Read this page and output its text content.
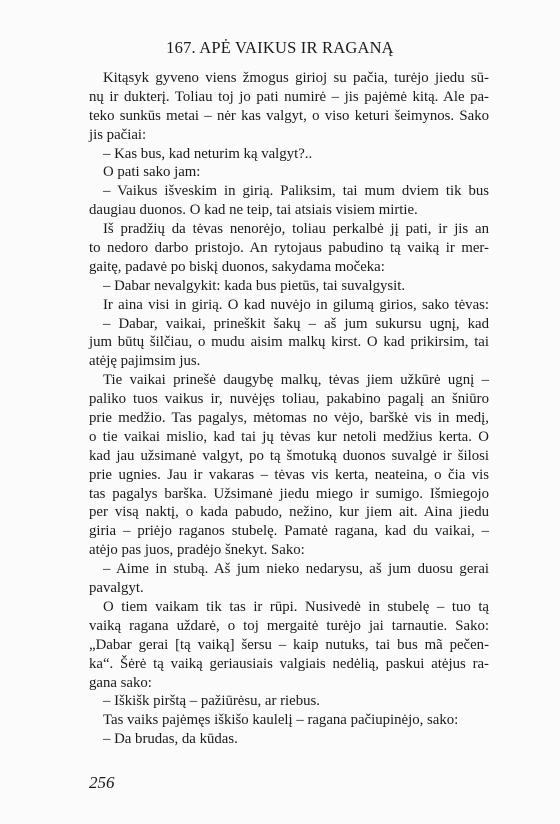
167. APĖ VAIKUS IR RAGANĄ
Kitąsyk gyveno viens žmogus girioj su pačia, turėjo jiedu sū-
nų ir dukterį. Toliau toj jo pati numirė – jis pajėmė kitą. Ale pa-
teko sunkūs metai – nėr kas valgyt, o viso keturi šeimynos. Sako
jis pačiai:
– Kas bus, kad neturim ką valgyt?..
O pati sako jam:
– Vaikus išveskim in girią. Paliksim, tai mum dviem tik bus
daugiau duonos. O kad ne teip, tai atsiais visiem mirtie.
Iš pradžių da tėvas nenorėjo, toliau perkalbė jį pati, ir jis an
to nedoro darbo pristojo. An rytojaus pabudino tą vaiką ir mer-
gaitę, padavė po biskį duonos, sakydama močeka:
– Dabar nevalgykit: kada bus pietūs, tai suvalgysit.
Ir aina visi in girią. O kad nuvėjo in gilumą girios, sako tėvas:
– Dabar, vaikai, prineškit šakų – aš jum sukursu ugnį, kad
jum būtų šilčiau, o mudu aisim malkų kirst. O kad prikirsim, tai
atėję pajimsim jus.
Tie vaikai prinešė daugybę malkų, tėvas jiem užkūrė ugnį –
paliko tuos vaikus ir, nuvėjęs toliau, pakabino pagalį an šniūro
prie medžio. Tas pagalys, mėtomas no vėjo, barškė vis in medį,
o tie vaikai mislio, kad tai jų tėvas kur netoli medžius kerta. O
kad jau užsimanė valgyt, po tą šmotuką duonos suvalgė ir šilosi
prie ugnies. Jau ir vakaras – tėvas vis kerta, neateina, o čia vis
tas pagalys barška. Užsimanė jiedu miego ir sumigo. Išmiegojo
per visą naktį, o kada pabudo, nežino, kur jiem ait. Aina jiedu
giria – priėjo raganos stubelę. Pamatė ragana, kad du vaikai, –
atėjo pas juos, pradėjo šnekyt. Sako:
– Aime in stubą. Aš jum nieko nedarysu, aš jum duosu gerai
pavalgyt.
O tiem vaikam tik tas ir rūpi. Nusivedė in stubelę – tuo tą
vaiką ragana uždarė, o toj mergaitė turėjo jai tarnautie. Sako:
„Dabar gerai [tą vaiką] šersu – kaip nutuks, tai bus mã pečen-
ka“. Šėrė tą vaiką geriausiais valgiais nedėlią, paskui atėjus ra-
gana sako:
– Iškišk pirštą – pažiūrėsu, ar riebus.
Tas vaiks pajėmęs iškišo kaulelį – ragana pačiupinėjo, sako:
– Da brudas, da kūdas.
256
